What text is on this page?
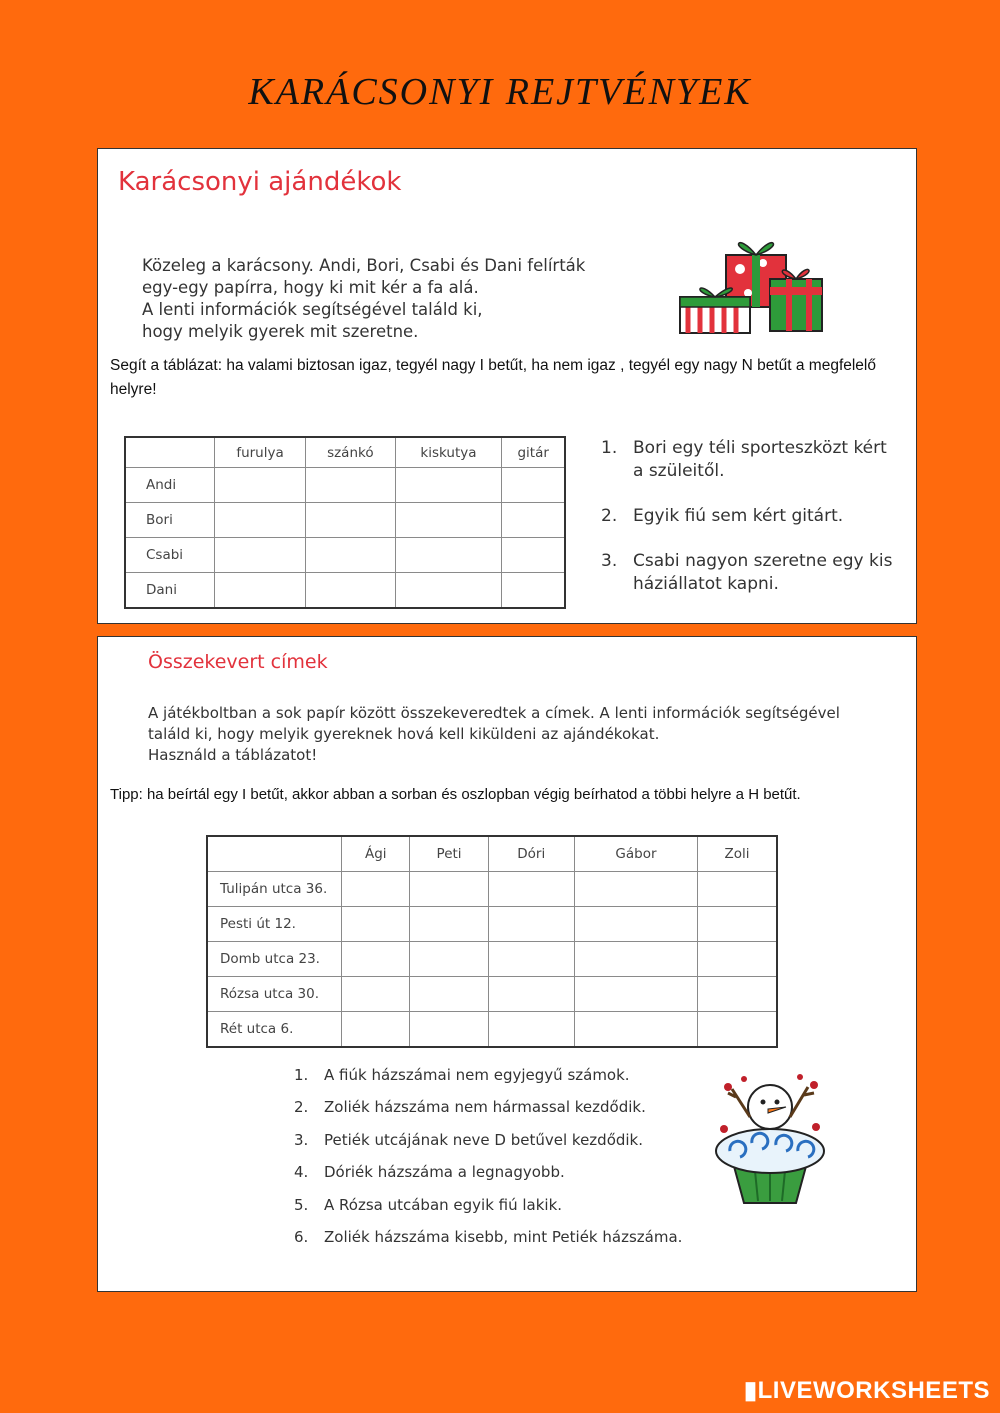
KARÁCSONYI REJTVÉNYEK
Karácsonyi ajándékok

Közeleg a karácsony. Andi, Bori, Csabi és Dani felírták

egy-egy papírra, hogy ki mit kér a fa alá.

A lenti információk segítségével találd ki,

hogy melyik gyerek mit szeretne.

Segít a táblázat: ha valami biztosan igaz, tegyél nagy I betűt, ha nem igaz , tegyél egy nagy N betűt a megfelelő helyre!
	furulya	szánkó	kiskutya	gitár
Andi				
Bori				
Csabi				
Dani				
1. Bori egy téli sporteszközt kért a szüleitől.
2. Egyik fiú sem kért gitárt.
3. Csabi nagyon szeretne egy kis háziállatot kapni.
Összekevert címek

A játékboltban a sok papír között összekeveredtek a címek. A lenti információk segítségével

találd ki, hogy melyik gyereknek hová kell kiküldeni az ajándékokat.

Használd a táblázatot!

Tipp: ha beírtál egy I betűt, akkor abban a sorban és oszlopban végig beírhatod a többi helyre a H betűt.
	Ági	Peti	Dóri	Gábor	Zoli
Tulipán utca 36.					
Pesti út 12.					
Domb utca 23.					
Rózsa utca 30.					
Rét utca 6.					
1.	A fiúk házszámai nem egyjegyű számok.
2.	Zoliék házszáma nem hármassal kezdődik.
3.	Petiék utcájának neve D betűvel kezdődik.
4.	Dóriék házszáma a legnagyobb.
5.	A Rózsa utcában egyik fiú lakik.
6.	Zoliék házszáma kisebb, mint Petiék házszáma.
▮LIVEWORKSHEETS
